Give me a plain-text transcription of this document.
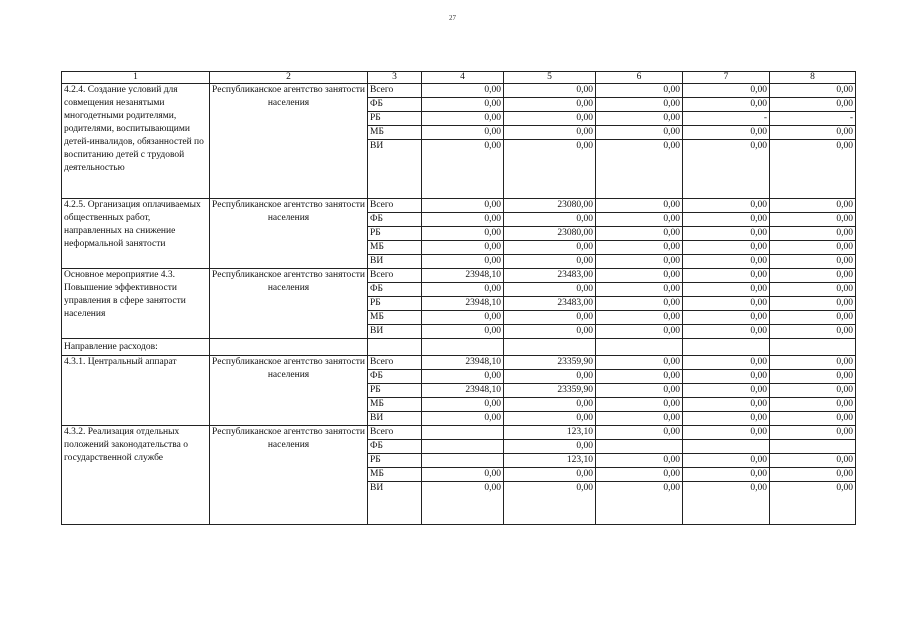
27
1	2	3	4	5	6	7	8
4.2.4. Создание условий для совмещения незанятыми многодетными родителями, родителями, воспитывающими детей-инвалидов, обязанностей по воспитанию детей с трудовой деятельностью	Республиканское агентство занятости населения	Всего	0,00	0,00	0,00	0,00	0,00
		ФБ	0,00	0,00	0,00	0,00	0,00
		РБ	0,00	0,00	0,00	-	-
		МБ	0,00	0,00	0,00	0,00	0,00
		ВИ	0,00	0,00	0,00	0,00	0,00
4.2.5. Организация оплачиваемых общественных работ, направленных на снижение неформальной занятости	Республиканское агентство занятости населения	Всего	0,00	23080,00	0,00	0,00	0,00
		ФБ	0,00	0,00	0,00	0,00	0,00
		РБ	0,00	23080,00	0,00	0,00	0,00
		МБ	0,00	0,00	0,00	0,00	0,00
		ВИ	0,00	0,00	0,00	0,00	0,00
Основное мероприятие 4.3. Повышение эффективности управления в сфере занятости населения	Республиканское агентство занятости населения	Всего	23948,10	23483,00	0,00	0,00	0,00
		ФБ	0,00	0,00	0,00	0,00	0,00
		РБ	23948,10	23483,00	0,00	0,00	0,00
		МБ	0,00	0,00	0,00	0,00	0,00
		ВИ	0,00	0,00	0,00	0,00	0,00
Направление расходов:							
4.3.1. Центральный аппарат	Республиканское агентство занятости населения	Всего	23948,10	23359,90	0,00	0,00	0,00
		ФБ	0,00	0,00	0,00	0,00	0,00
		РБ	23948,10	23359,90	0,00	0,00	0,00
		МБ	0,00	0,00	0,00	0,00	0,00
		ВИ	0,00	0,00	0,00	0,00	0,00
4.3.2. Реализация отдельных положений законодательства о государственной службе	Республиканское агентство занятости населения	Всего		123,10	0,00	0,00	0,00
		ФБ		0,00			
		РБ		123,10	0,00	0,00	0,00
		МБ	0,00	0,00	0,00	0,00	0,00
		ВИ	0,00	0,00	0,00	0,00	0,00
